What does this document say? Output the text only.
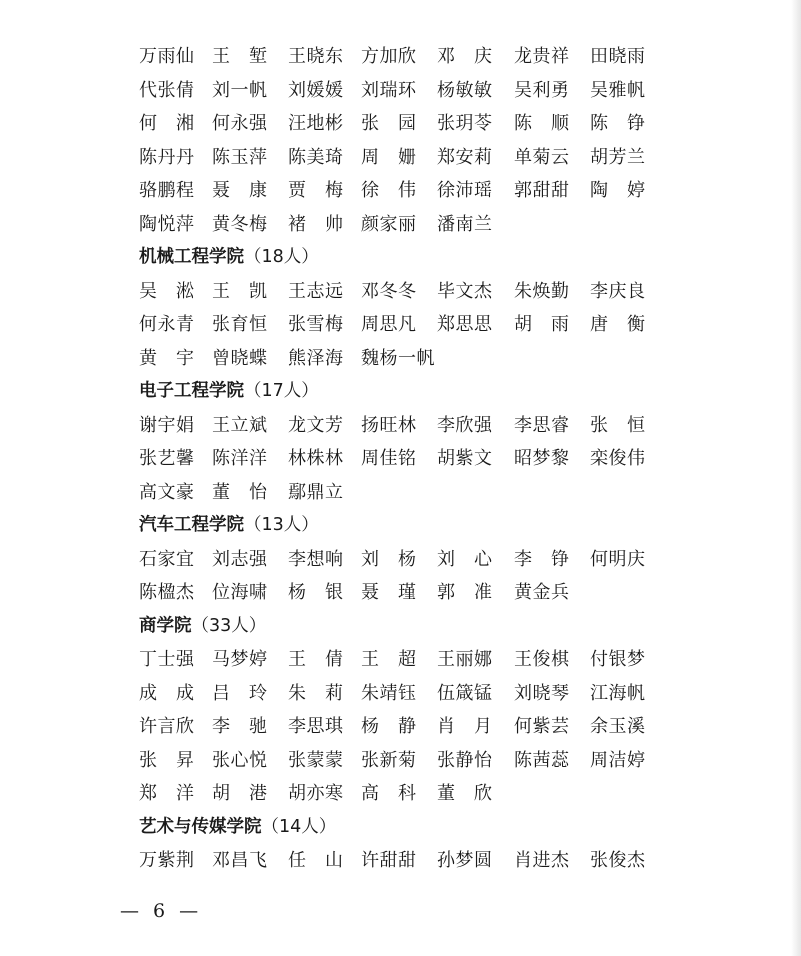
万雨仙 王　堑 王晓东 方加欣 邓　庆 龙贵祥 田晓雨
代张倩 刘一帆 刘媛媛 刘瑞环 杨敏敏 吴利勇 吴雅帆
何　湘 何永强 汪地彬 张　园 张玥苓 陈　顺 陈　铮
陈丹丹 陈玉萍 陈美琦 周　姗 郑安莉 单菊云 胡芳兰
骆鹏程 聂　康 贾　梅 徐　伟 徐沛瑶 郭甜甜 陶　婷
陶悦萍 黄冬梅 褚　帅 颜家丽 潘南兰
机械工程学院（18人）
吴　淞 王　凯 王志远 邓冬冬 毕文杰 朱焕勤 李庆良
何永青 张育恒 张雪梅 周思凡 郑思思 胡　雨 唐　衡
黄　宇 曾晓蝶 熊泽海 魏杨一帆
电子工程学院（17人）
谢宇娟 王立斌 龙文芳 扬旺林 李欣强 李思睿 张　恒
张艺馨 陈洋洋 林株林 周佳铭 胡紫文 昭梦黎 栾俊伟
高文豪 董　怡 鄢鼎立
汽车工程学院（13人）
石家宜 刘志强 李想响 刘　杨 刘　心 李　铮 何明庆
陈楹杰 位海啸 杨　银 聂　瑾 郭　准 黄金兵
商学院（33人）
丁士强 马梦婷 王　倩 王　超 王丽娜 王俊棋 付银梦
成　成 吕　玲 朱　莉 朱靖钰 伍箴锰 刘晓琴 江海帆
许言欣 李　驰 李思琪 杨　静 肖　月 何紫芸 余玉溪
张　昇 张心悦 张蒙蒙 张新菊 张静怡 陈茜蕊 周洁婷
郑　洋 胡　港 胡亦寒 高　科 董　欣
艺术与传媒学院（14人）
万紫荆 邓昌飞 任　山 许甜甜 孙梦圆 肖进杰 张俊杰
— 6 —
